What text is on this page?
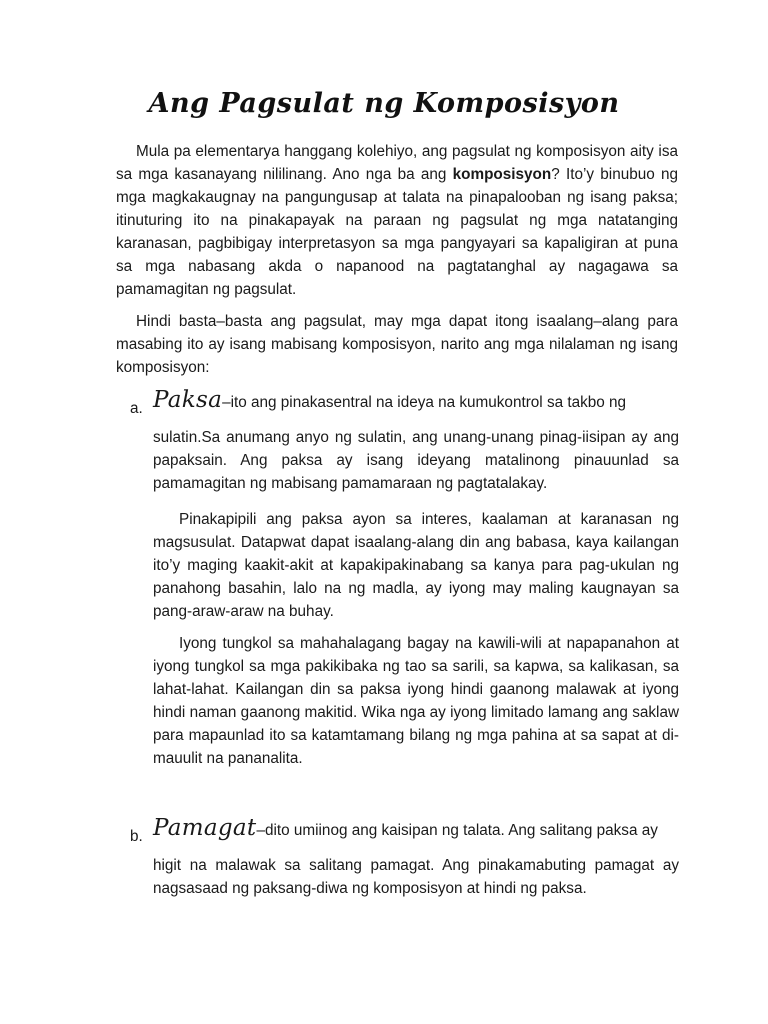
Ang Pagsulat ng Komposisyon

Mula pa elementarya hanggang kolehiyo, ang pagsulat ng komposisyon aity isa sa mga kasanayang nililinang. Ano nga ba ang komposisyon? Ito’y binubuo ng mga magkakaugnay na pangungusap at talata na pinapalooban ng isang paksa; itinuturing ito na pinakapayak na paraan ng pagsulat ng mga natatanging karanasan, pagbibigay interpretasyon sa mga pangyayari sa kapaligiran at puna sa mga nabasang akda o napanood na pagtatanghal ay nagagawa sa pamamagitan ng pagsulat.

Hindi basta–basta ang pagsulat, may mga dapat itong isaalang–alang para masabing ito ay isang mabisang komposisyon, narito ang mga nilalaman ng isang komposisyon:

a. Paksa–ito ang pinakasentral na ideya na kumukontrol sa takbo ng

sulatin.Sa anumang anyo ng sulatin, ang unang-unang pinag-iisipan ay ang papaksain. Ang paksa ay isang ideyang matalinong pinauunlad sa pamamagitan ng mabisang pamamaraan ng pagtatalakay.

Pinakapipili ang paksa ayon sa interes, kaalaman at karanasan ng magsusulat. Datapwat dapat isaalang-alang din ang babasa, kaya kailangan ito’y maging kaakit-akit at kapakipakinabang sa kanya para pag-ukulan ng panahong basahin, lalo na ng madla, ay iyong may maling kaugnayan sa pang-araw-araw na buhay.

Iyong tungkol sa mahahalagang bagay na kawili-wili at napapanahon at iyong tungkol sa mga pakikibaka ng tao sa sarili, sa kapwa, sa kalikasan, sa lahat-lahat. Kailangan din sa paksa iyong hindi gaanong malawak at iyong hindi naman gaanong makitid. Wika nga ay iyong limitado lamang ang saklaw para mapaunlad ito sa katamtamang bilang ng mga pahina at sa sapat at di-mauulit na pananalita.

b. Pamagat–dito umiinog ang kaisipan ng talata. Ang salitang paksa ay

higit na malawak sa salitang pamagat. Ang pinakamabuting pamagat ay nagsasaad ng paksang-diwa ng komposisyon at hindi ng paksa.
